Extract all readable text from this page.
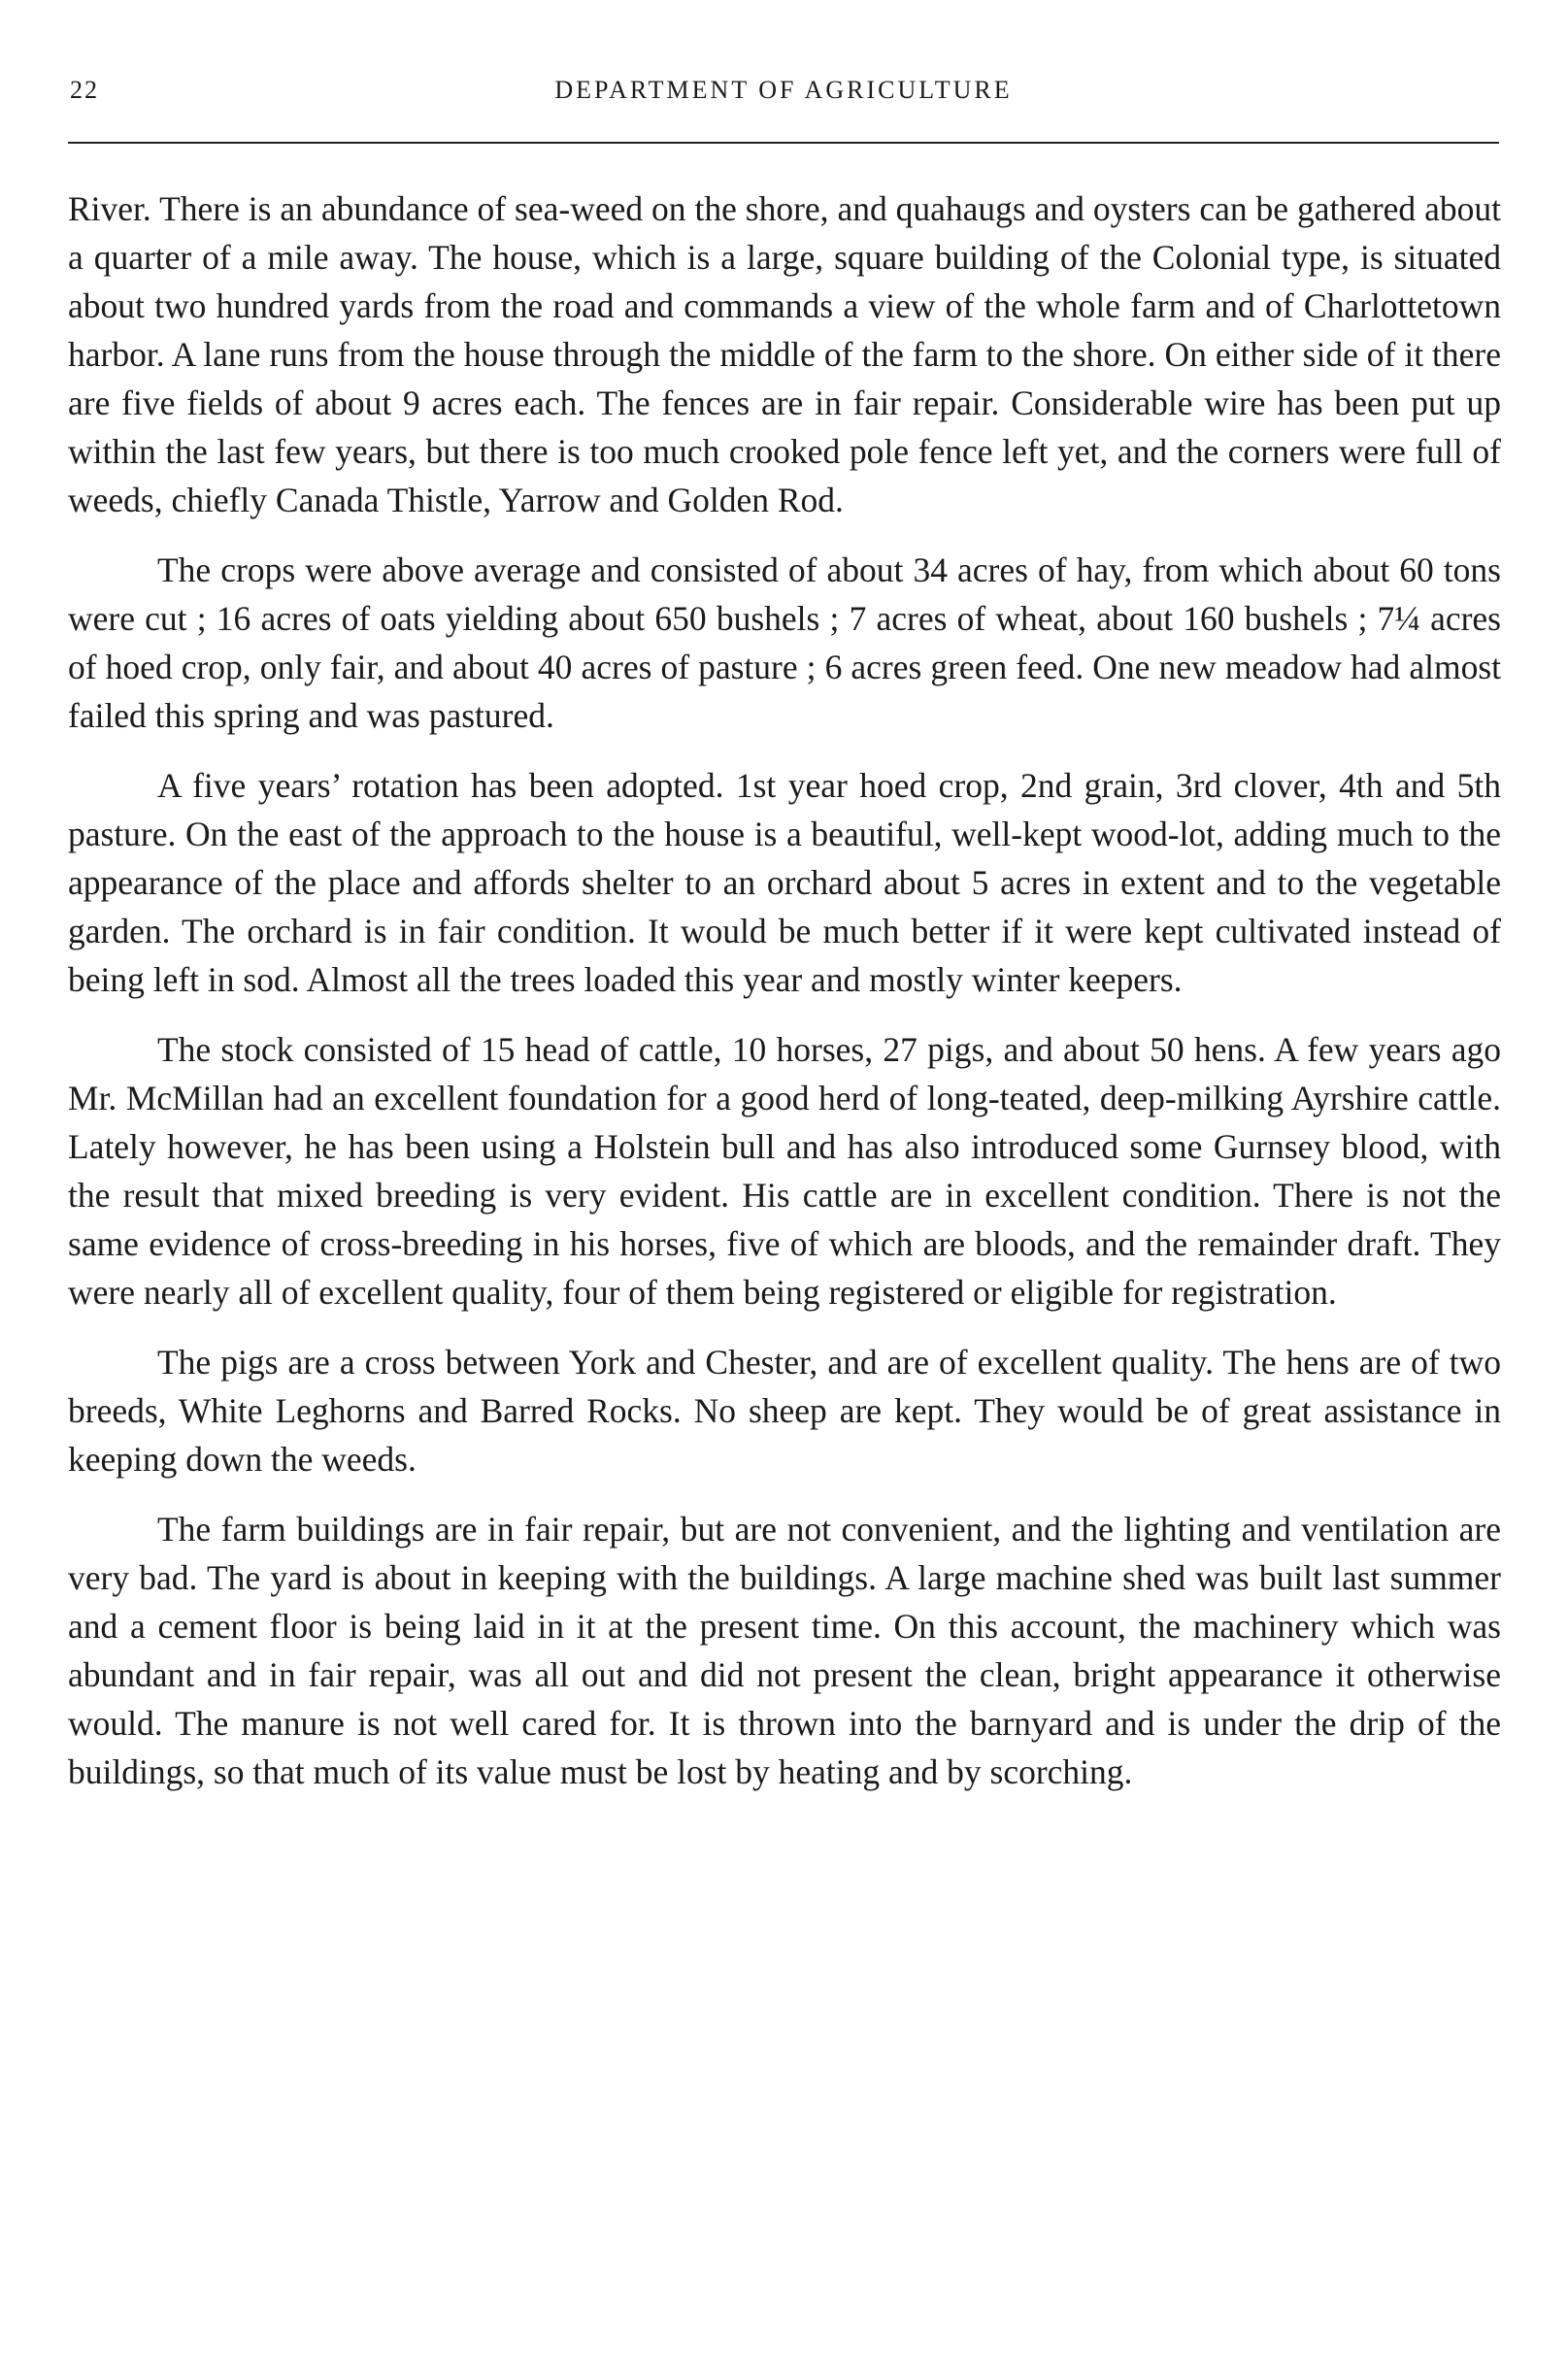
22	DEPARTMENT OF AGRICULTURE

River. There is an abundance of sea-weed on the shore, and quahaugs and oysters can be gathered about a quarter of a mile away. The house, which is a large, square building of the Colonial type, is situated about two hundred yards from the road and commands a view of the whole farm and of Charlottetown harbor. A lane runs from the house through the middle of the farm to the shore. On either side of it there are five fields of about 9 acres each. The fences are in fair repair. Considerable wire has been put up within the last few years, but there is too much crooked pole fence left yet, and the corners were full of weeds, chiefly Canada Thistle, Yarrow and Golden Rod.

The crops were above average and consisted of about 34 acres of hay, from which about 60 tons were cut ; 16 acres of oats yielding about 650 bushels ; 7 acres of wheat, about 160 bushels ; 7¼ acres of hoed crop, only fair, and about 40 acres of pasture ; 6 acres green feed. One new meadow had almost failed this spring and was pastured.

A five years’ rotation has been adopted. 1st year hoed crop, 2nd grain, 3rd clover, 4th and 5th pasture. On the east of the approach to the house is a beautiful, well-kept wood-lot, adding much to the appearance of the place and affords shelter to an orchard about 5 acres in extent and to the vegetable garden. The orchard is in fair condition. It would be much better if it were kept cultivated instead of being left in sod. Almost all the trees loaded this year and mostly winter keepers.

The stock consisted of 15 head of cattle, 10 horses, 27 pigs, and about 50 hens. A few years ago Mr. McMillan had an excellent foundation for a good herd of long-teated, deep-milking Ayrshire cattle. Lately however, he has been using a Holstein bull and has also introduced some Gurnsey blood, with the result that mixed breeding is very evident. His cattle are in excellent condition. There is not the same evidence of cross-breeding in his horses, five of which are bloods, and the remainder draft. They were nearly all of excellent quality, four of them being registered or eligible for registration.

The pigs are a cross between York and Chester, and are of excellent quality. The hens are of two breeds, White Leghorns and Barred Rocks. No sheep are kept. They would be of great assistance in keeping down the weeds.

The farm buildings are in fair repair, but are not convenient, and the lighting and ventilation are very bad. The yard is about in keeping with the buildings. A large machine shed was built last summer and a cement floor is being laid in it at the present time. On this account, the machinery which was abundant and in fair repair, was all out and did not present the clean, bright appearance it otherwise would. The manure is not well cared for. It is thrown into the barnyard and is under the drip of the buildings, so that much of its value must be lost by heating and by scorching.
